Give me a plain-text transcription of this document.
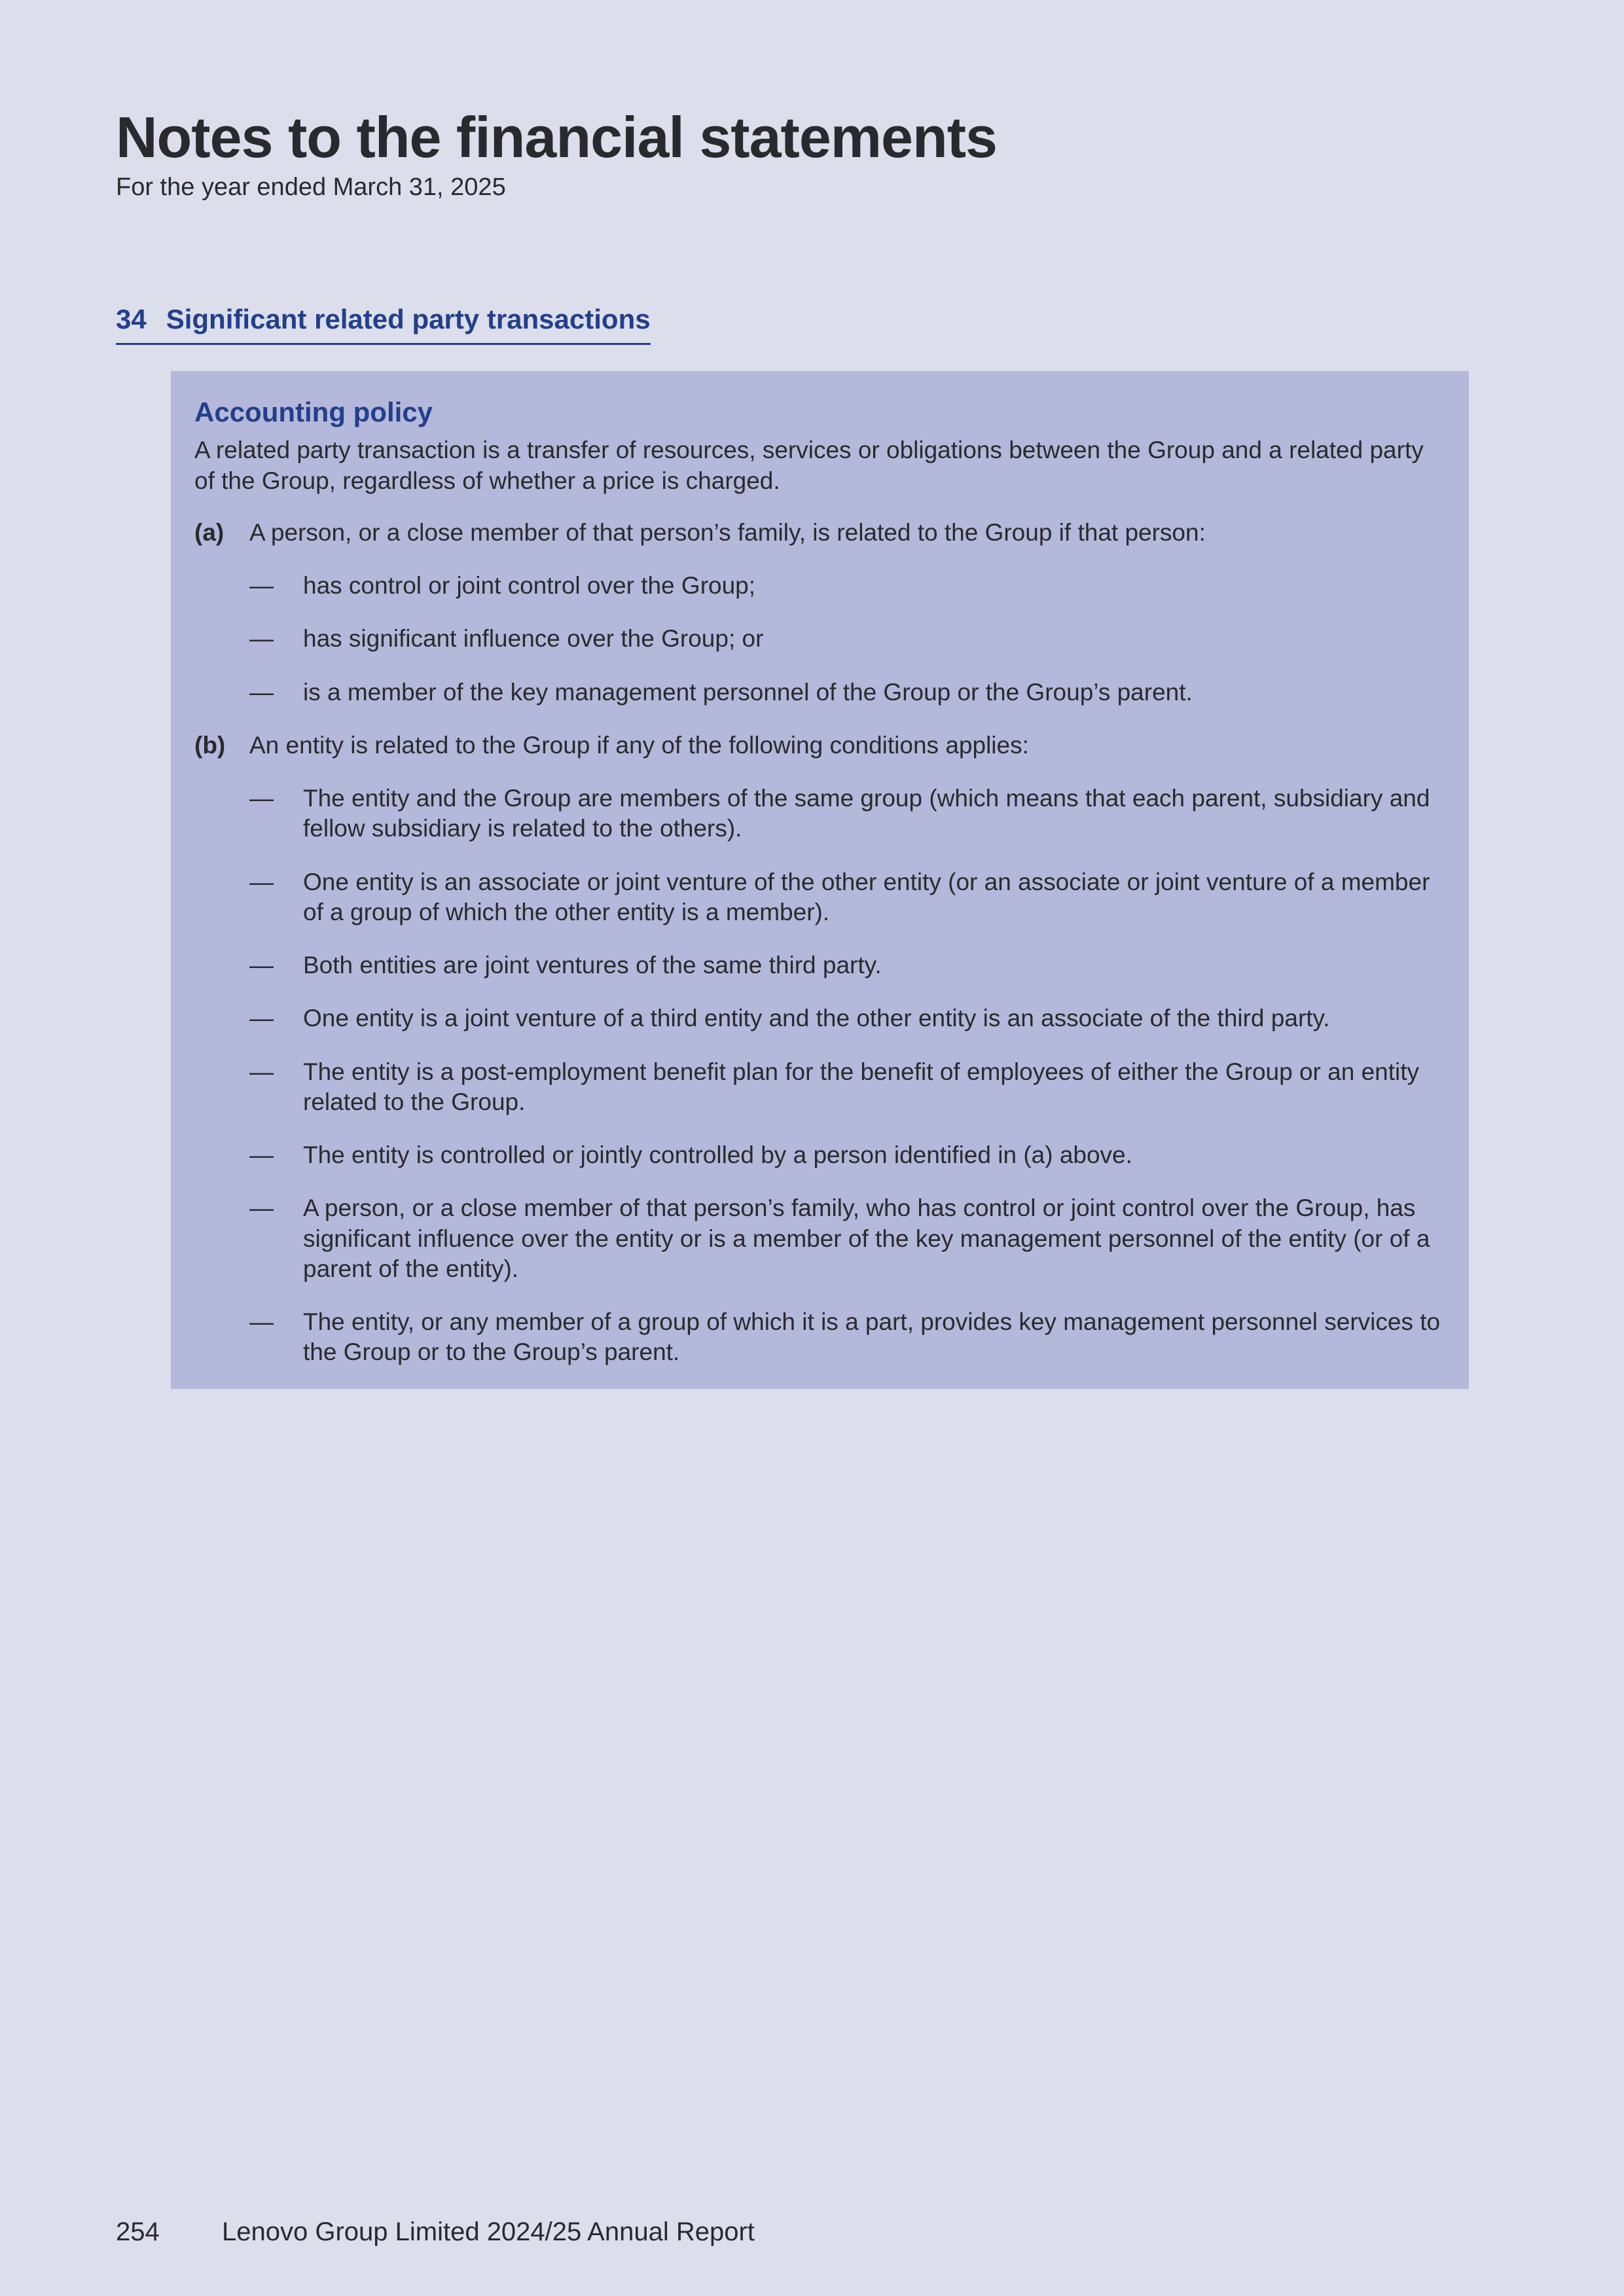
Notes to the financial statements
For the year ended March 31, 2025
34 Significant related party transactions
Accounting policy

A related party transaction is a transfer of resources, services or obligations between the Group and a related party of the Group, regardless of whether a price is charged.

(a)	A person, or a close member of that person’s family, is related to the Group if that person:
—	has control or joint control over the Group;
—	has significant influence over the Group; or
—	is a member of the key management personnel of the Group or the Group’s parent.
(b) An entity is related to the Group if any of the following conditions applies:
—	The entity and the Group are members of the same group (which means that each parent, subsidiary and fellow subsidiary is related to the others).
—	One entity is an associate or joint venture of the other entity (or an associate or joint venture of a member of a group of which the other entity is a member).
—	Both entities are joint ventures of the same third party.
—	One entity is a joint venture of a third entity and the other entity is an associate of the third party.
—	The entity is a post-employment benefit plan for the benefit of employees of either the Group or an entity related to the Group.
—	The entity is controlled or jointly controlled by a person identified in (a) above.
—	A person, or a close member of that person’s family, who has control or joint control over the Group, has significant influence over the entity or is a member of the key management personnel of the entity (or of a parent of the entity).
—	The entity, or any member of a group of which it is a part, provides key management personnel services to the Group or to the Group’s parent.
254 Lenovo Group Limited 2024/25 Annual Report
